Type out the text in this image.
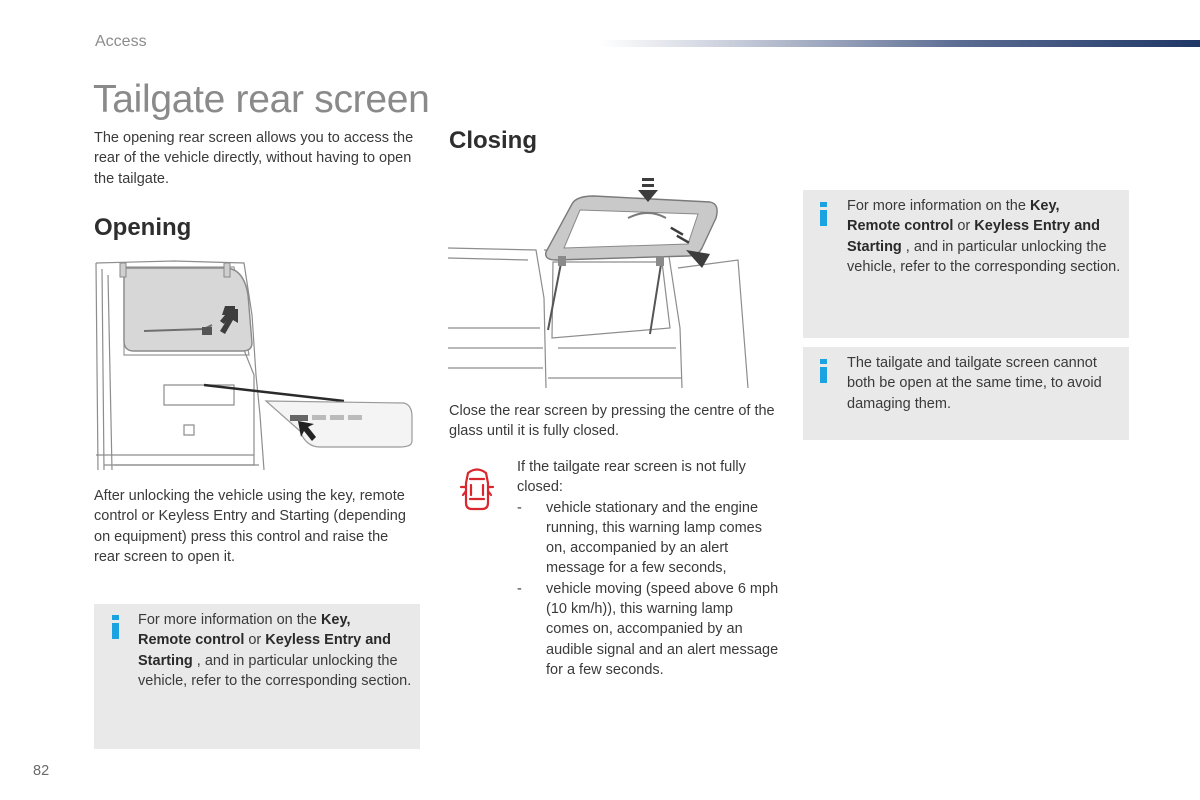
Access
Tailgate rear screen
The opening rear screen allows you to access the rear of the vehicle directly, without having to open the tailgate.
Opening
After unlocking the vehicle using the key, remote control or Keyless Entry and Starting (depending on equipment) press this control and raise the rear screen to open it.
For more information on the Key,
Remote control or Keyless Entry and Starting , and in particular unlocking the vehicle, refer to the corresponding section.
Closing
Close the rear screen by pressing the centre of the glass until it is fully closed.
If the tailgate rear screen is not fully closed:
- vehicle stationary and the engine running, this warning lamp comes on, accompanied by an alert message for a few seconds,
- vehicle moving (speed above 6 mph (10 km/h)), this warning lamp comes on, accompanied by an audible signal and an alert message for a few seconds.
For more information on the Key,
Remote control or Keyless Entry and Starting , and in particular unlocking the vehicle, refer to the corresponding section.
The tailgate and tailgate screen cannot both be open at the same time, to avoid damaging them.
82
